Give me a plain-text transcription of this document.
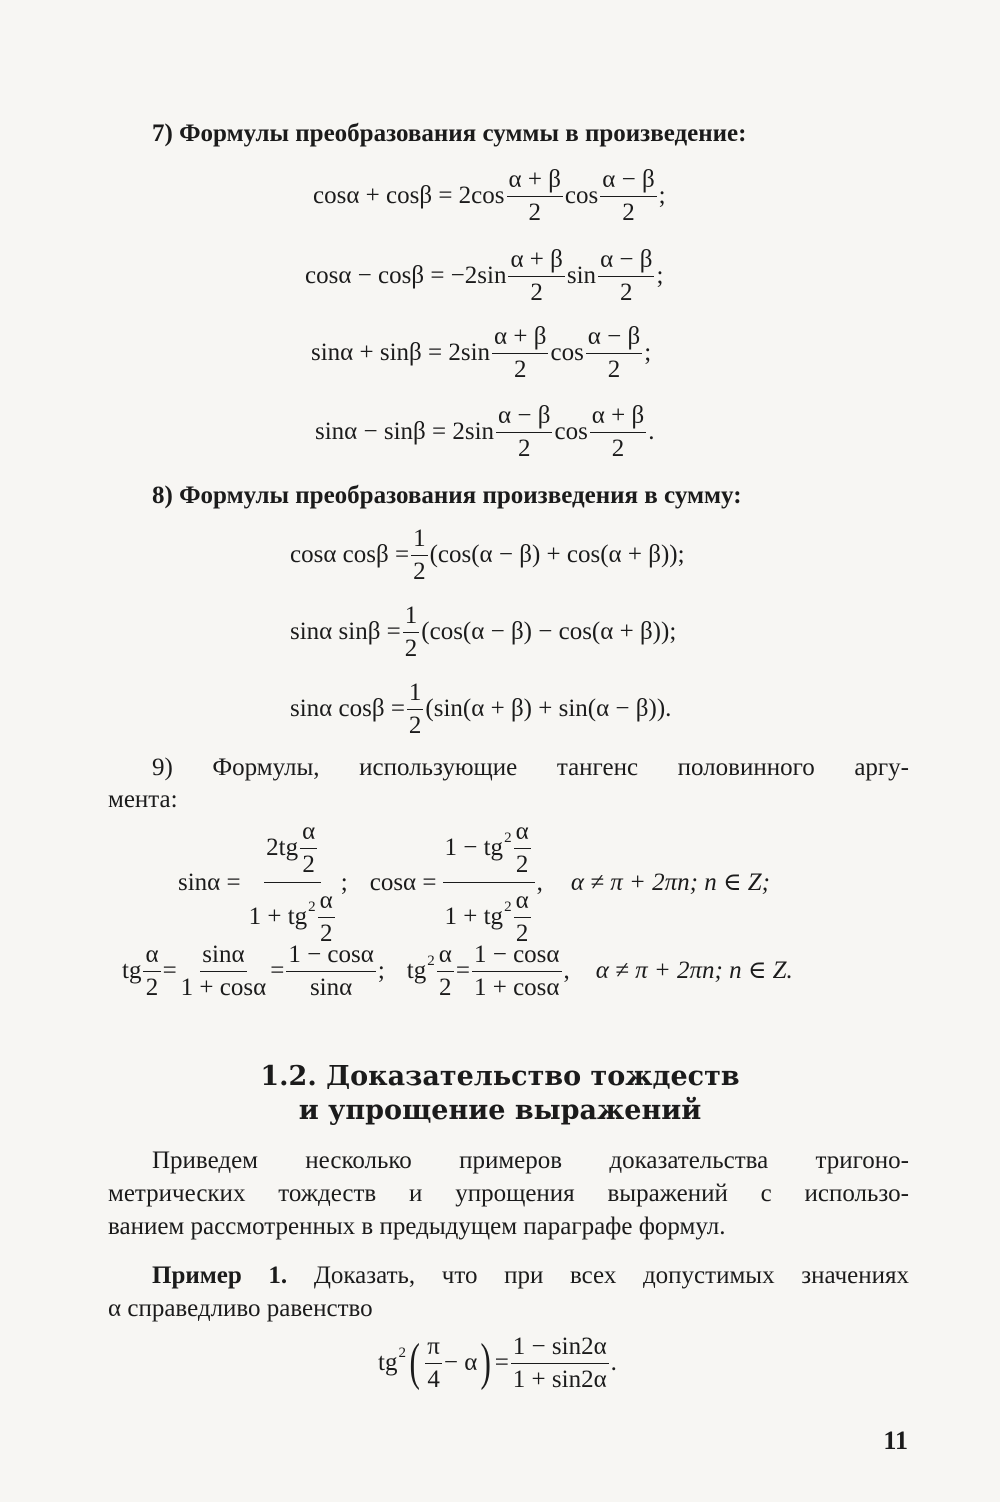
7) Формулы преобразования суммы в произведение:
$\cos\alpha + \cos\beta = 2\cos \frac{\alpha + \beta}{2}$ $\cos \frac{\alpha - \beta}{2}$ ;
$\cos\alpha - \cos\beta = -2\sin \frac{\alpha + \beta}{2}$ $\sin \frac{\alpha - \beta}{2}$ ;
$\sin\alpha + \sin\beta = 2\sin \frac{\alpha + \beta}{2}$ $\cos \frac{\alpha - \beta}{2}$ ;
$\sin\alpha - \sin\beta = 2\sin \frac{\alpha - \beta}{2}$ $\cos \frac{\alpha + \beta}{2}$ .
8) Формулы преобразования произведения в сумму:
cosα $\cos\beta = \frac{1}{2} (\cos(\alpha - \beta) + \cos(\alpha + \beta))$;
sinα $\sin\beta = \frac{1}{2} (\cos(\alpha - \beta) - \cos(\alpha + \beta))$;
sinα $\cos\beta = \frac{1}{2} (\sin(\alpha + \beta) + \sin(\alpha - \beta))$.
9) Формулы, использующие тангенс половинного аргу-
мента:
$\sin\alpha = \frac{2tg \frac{\alpha}{2}}{1 + tg 2 \frac{\alpha}{2}}$ ; $\cos\alpha = \frac{1 - tg 2 \frac{\alpha}{2}}{1 + tg 2 \frac{\alpha}{2}}$ , α ≠ π + 2πn; n ∈ Z;
tg $\frac{\alpha}{2} = \frac{\sin\alpha}{1 + \cos\alpha} = \frac{1 - \cos\alpha}{\sin\alpha}$ ; tg $2 \frac{\alpha}{2} = \frac{1 - \cos\alpha}{1 + \cos\alpha}$ , α ≠ π + 2πn; n ∈ Z.
1.2. Доказательство тождеств
и упрощение выражений
Приведем несколько примеров доказательства тригоно-
метрических тождеств и упрощения выражений с использо-
ванием рассмотренных в предыдущем параграфе формул.
Пример 1. Доказать, что при всех допустимых значениях
α справедливо равенство
tg 2 ( $\frac{\pi}{4} - \alpha$ ) = $\frac{1 - \sin 2\alpha}{1 + \sin 2\alpha}$ .
11
